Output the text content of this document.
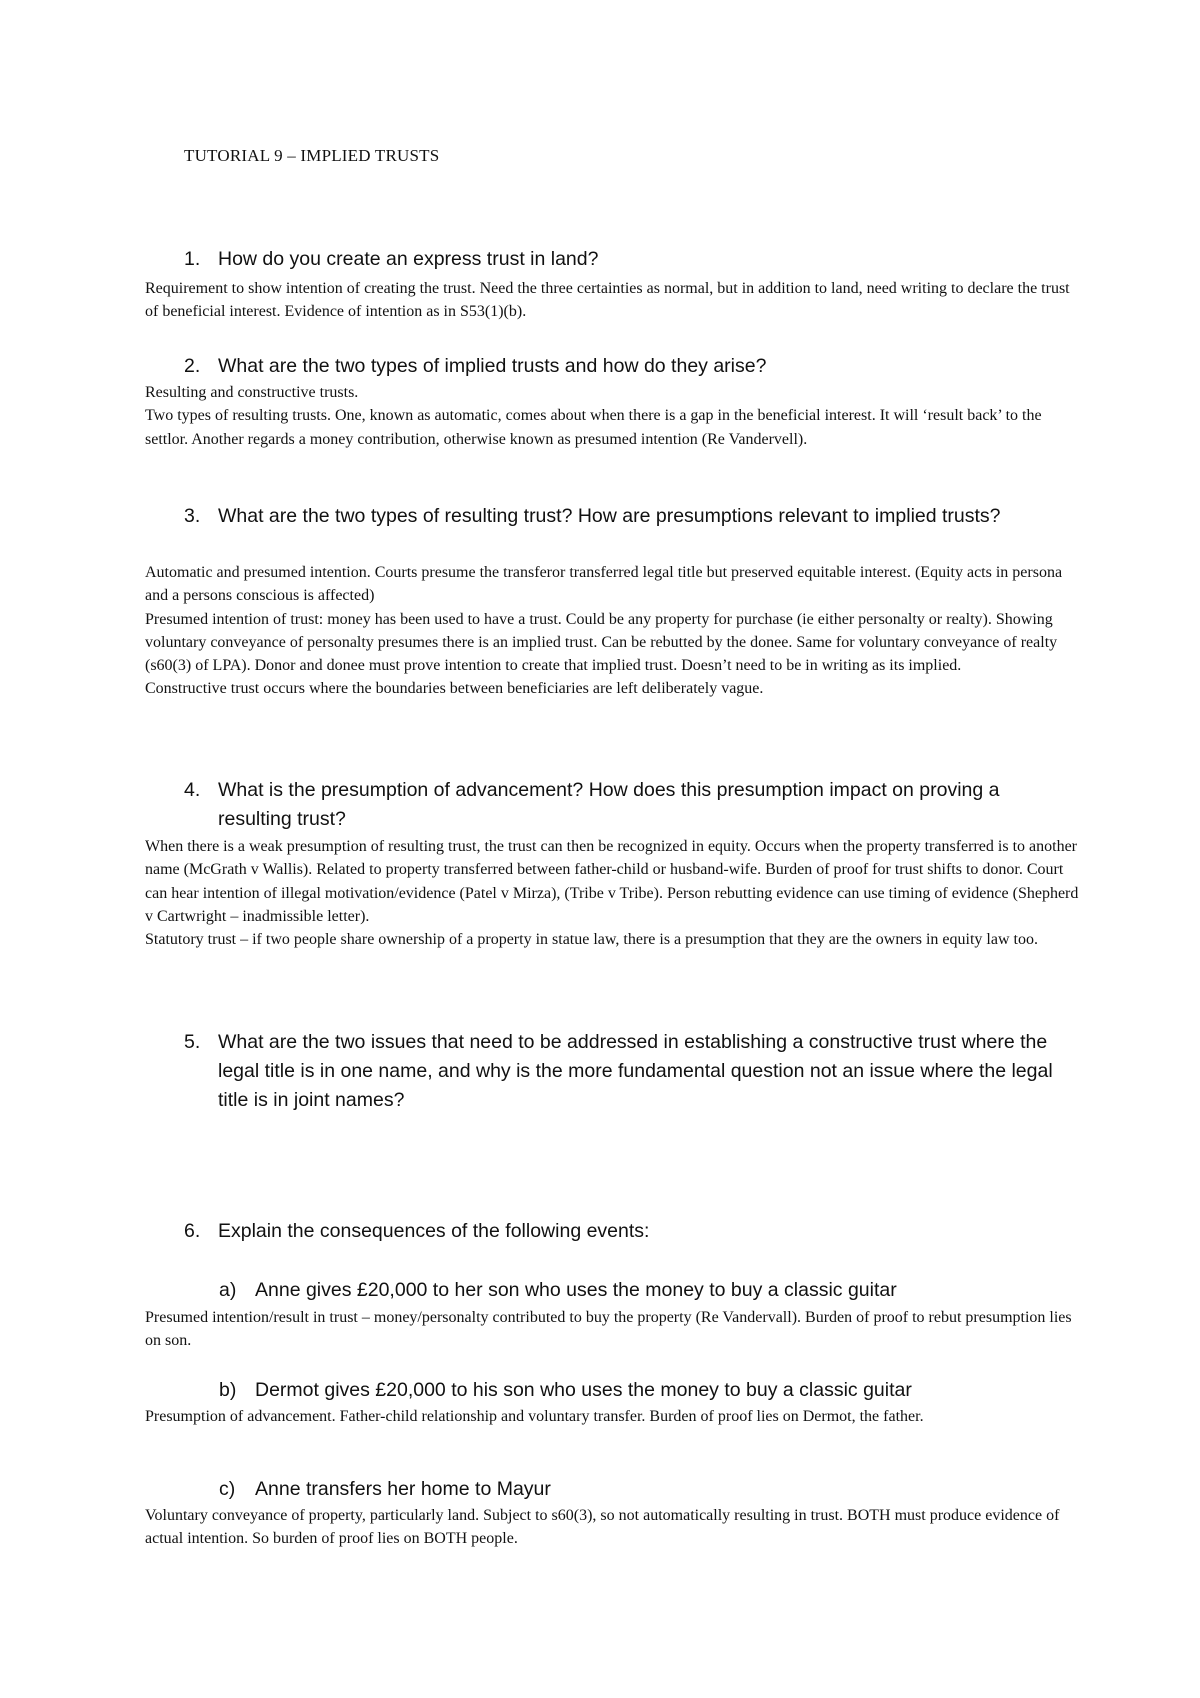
TUTORIAL 9 – IMPLIED TRUSTS
1. How do you create an express trust in land?

Requirement to show intention of creating the trust. Need the three certainties as normal, but in addition to land, need writing to declare the trust of beneficial interest. Evidence of intention as in S53(1)(b).

2. What are the two types of implied trusts and how do they arise?

Resulting and constructive trusts.

Two types of resulting trusts. One, known as automatic, comes about when there is a gap in the beneficial interest. It will ‘result back’ to the settlor. Another regards a money contribution, otherwise known as presumed intention (Re Vandervell).

3. What are the two types of resulting trust? How are presumptions relevant to implied trusts?

Automatic and presumed intention. Courts presume the transferor transferred legal title but preserved equitable interest. (Equity acts in persona and a persons conscious is affected)

Presumed intention of trust: money has been used to have a trust. Could be any property for purchase (ie either personalty or realty). Showing voluntary conveyance of personalty presumes there is an implied trust. Can be rebutted by the donee. Same for voluntary conveyance of realty (s60(3) of LPA). Donor and donee must prove intention to create that implied trust. Doesn’t need to be in writing as its implied.

Constructive trust occurs where the boundaries between beneficiaries are left deliberately vague.

4. What is the presumption of advancement? How does this presumption impact on proving a resulting trust?

When there is a weak presumption of resulting trust, the trust can then be recognized in equity. Occurs when the property transferred is to another name (McGrath v Wallis). Related to property transferred between father-child or husband-wife. Burden of proof for trust shifts to donor. Court can hear intention of illegal motivation/evidence (Patel v Mirza), (Tribe v Tribe). Person rebutting evidence can use timing of evidence (Shepherd v Cartwright – inadmissible letter).

Statutory trust – if two people share ownership of a property in statue law, there is a presumption that they are the owners in equity law too.

5. What are the two issues that need to be addressed in establishing a constructive trust where the legal title is in one name, and why is the more fundamental question not an issue where the legal title is in joint names?
6. Explain the consequences of the following events:
a) Anne gives £20,000 to her son who uses the money to buy a classic guitar

Presumed intention/result in trust – money/personalty contributed to buy the property (Re Vandervall). Burden of proof to rebut presumption lies on son.

b) Dermot gives £20,000 to his son who uses the money to buy a classic guitar

Presumption of advancement. Father-child relationship and voluntary transfer. Burden of proof lies on Dermot, the father.

c) Anne transfers her home to Mayur

Voluntary conveyance of property, particularly land. Subject to s60(3), so not automatically resulting in trust. BOTH must produce evidence of actual intention. So burden of proof lies on BOTH people.
